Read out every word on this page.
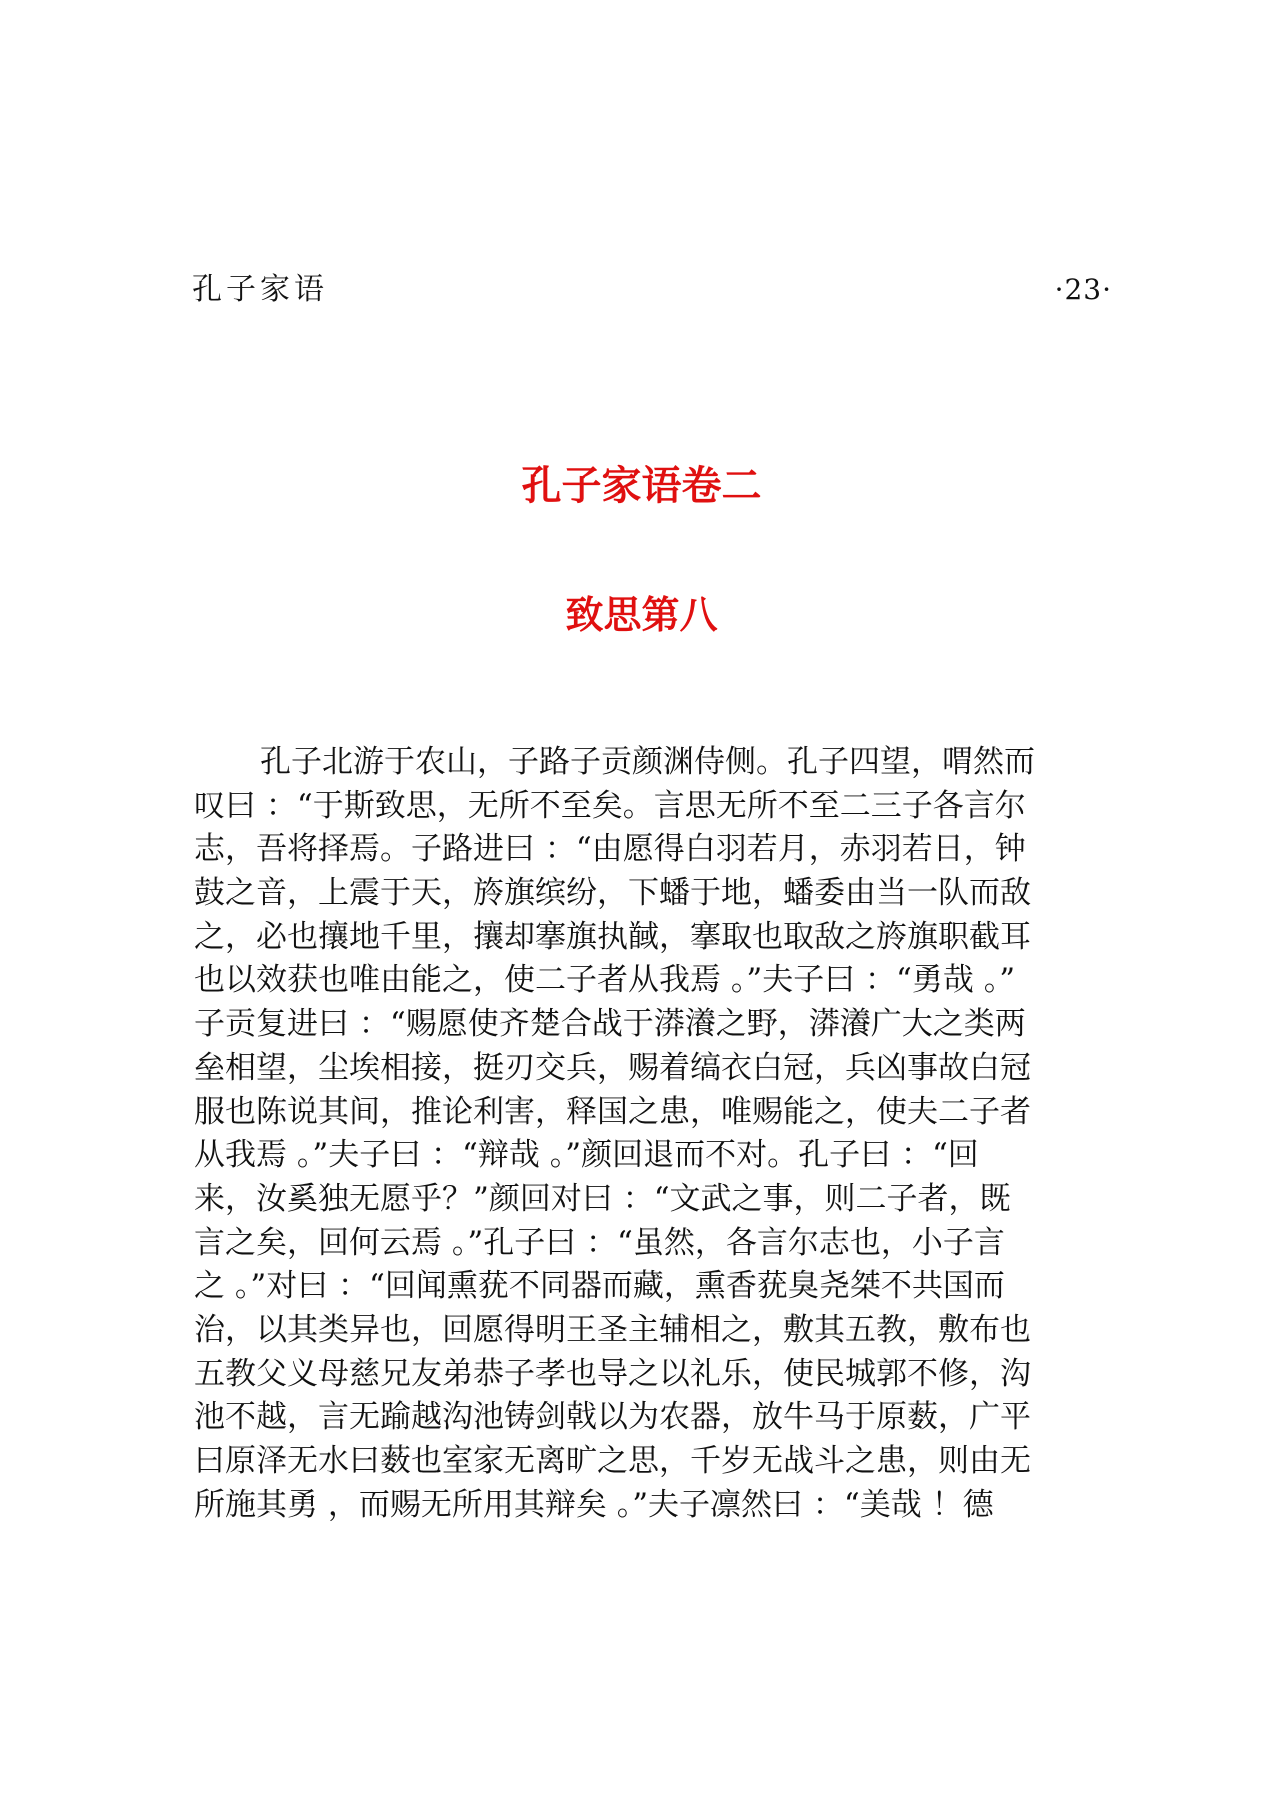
孔子家语	·23·
孔子家语卷二
致思第八
孔子北游于农山，子路子贡颜渊侍侧。孔子四望，喟然而
叹曰 ：“于斯致思，无所不至矣。言思无所不至二三子各言尔
志，吾将择焉。子路进曰 ：“由愿得白羽若月，赤羽若日，钟
鼓之音，上震于天，旍旗缤纷，下蟠于地，蟠委由当一队而敌
之，必也攘地千里，攘却搴旗执馘，搴取也取敌之旍旗职截耳
也以效获也唯由能之，使二子者从我焉 。”夫子曰 ：“勇哉 。”
子贡复进曰 ：“赐愿使齐楚合战于漭瀁之野，漭瀁广大之类两
垒相望，尘埃相接，挺刃交兵，赐着缟衣白冠，兵凶事故白冠
服也陈说其间，推论利害，释国之患，唯赐能之，使夫二子者
从我焉 。”夫子曰 ：“辩哉 。”颜回退而不对。孔子曰 ：“回
来，汝奚独无愿乎？”颜回对曰 ：“文武之事，则二子者，既
言之矣，回何云焉 。”孔子曰 ：“虽然，各言尔志也，小子言
之 。”对曰 ：“回闻熏莸不同器而藏，熏香莸臭尧桀不共国而
治，以其类异也，回愿得明王圣主辅相之，敷其五教，敷布也
五教父义母慈兄友弟恭子孝也导之以礼乐，使民城郭不修，沟
池不越，言无踰越沟池铸剑戟以为农器，放牛马于原薮，广平
曰原泽无水曰薮也室家无离旷之思，千岁无战斗之患，则由无
所施其勇 ，而赐无所用其辩矣 。”夫子凛然曰 ：“美哉 ！德
